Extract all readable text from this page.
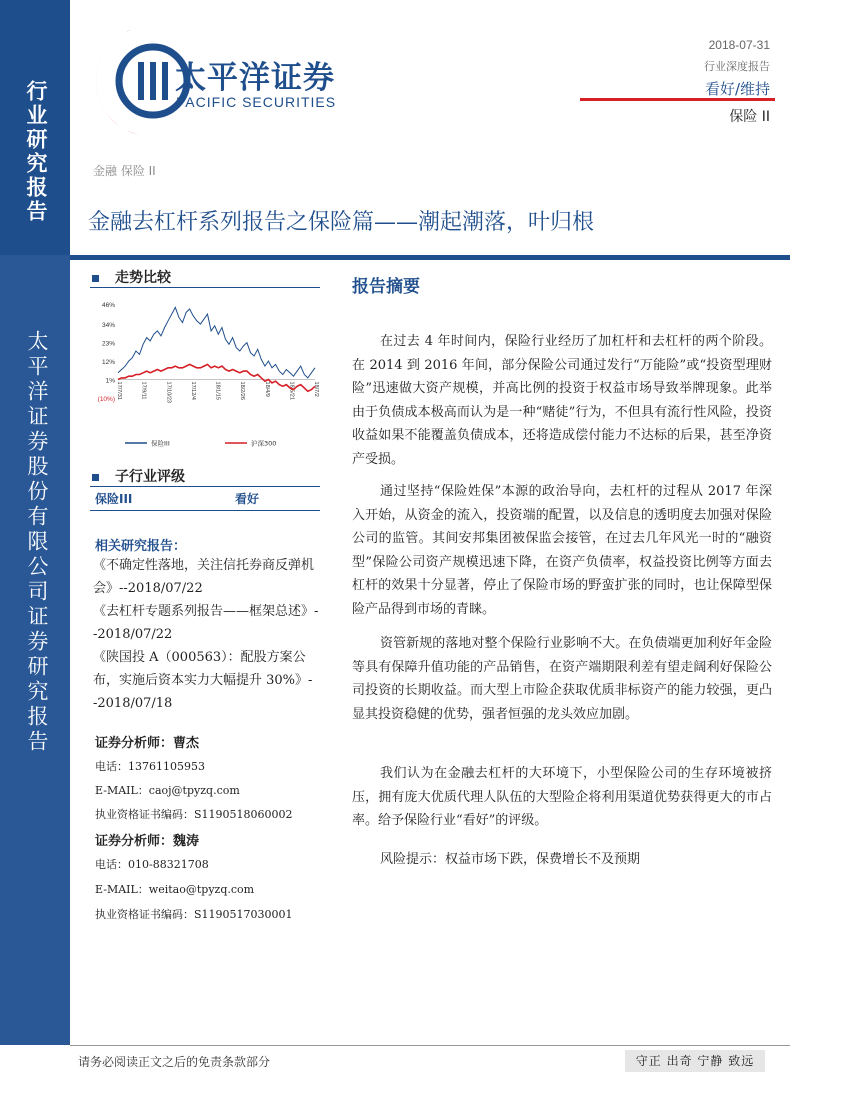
行业研究报告
太平洋证券股份有限公司证券研究报告
太平洋证券
PACIFIC SECURITIES
2018-07-31
行业深度报告
看好/维持
保险 II
金融 保险 II
金融去杠杆系列报告之保险篇——潮起潮落，叶归根
走势比较
46%
34%
23%
12%
1%
(10%) 17/7/31	17/9/11	17/10/23	17/12/4	18/1/15	18/2/26	18/4/9	18/5/21	18/7/2
保险III	沪深300
子行业评级
保险III	看好
相关研究报告：
《不确定性落地，关注信托券商反弹机会》--2018/07/22
《去杠杆专题系列报告——框架总述》--2018/07/22
《陕国投 A（000563）：配股方案公布，实施后资本实力大幅提升 30%》--2018/07/18
证券分析师：曹杰
电话：13761105953
E-MAIL：caoj@tpyzq.com
执业资格证书编码：S1190518060002
证券分析师：魏涛
电话：010-88321708
E-MAIL：weitao@tpyzq.com
执业资格证书编码：S1190517030001
报告摘要
在过去 4 年时间内，保险行业经历了加杠杆和去杠杆的两个阶段。在 2014 到 2016 年间，部分保险公司通过发行“万能险”或“投资型理财险”迅速做大资产规模，并高比例的投资于权益市场导致举牌现象。此举由于负债成本极高而认为是一种“赌徒”行为，不但具有流行性风险，投资收益如果不能覆盖负债成本，还将造成偿付能力不达标的后果，甚至净资产受损。
通过坚持“保险姓保”本源的政治导向，去杠杆的过程从 2017 年深入开始，从资金的流入，投资端的配置，以及信息的透明度去加强对保险公司的监管。其间安邦集团被保监会接管，在过去几年风光一时的“融资型”保险公司资产规模迅速下降，在资产负债率，权益投资比例等方面去杠杆的效果十分显著，停止了保险市场的野蛮扩张的同时，也让保障型保险产品得到市场的青睐。
资管新规的落地对整个保险行业影响不大。在负债端更加利好年金险等具有保障升值功能的产品销售，在资产端期限利差有望走阔利好保险公司投资的长期收益。而大型上市险企获取优质非标资产的能力较强，更凸显其投资稳健的优势，强者恒强的龙头效应加剧。
我们认为在金融去杠杆的大环境下，小型保险公司的生存环境被挤压，拥有庞大优质代理人队伍的大型险企将利用渠道优势获得更大的市占率。给予保险行业“看好”的评级。
风险提示：权益市场下跌，保费增长不及预期
请务必阅读正文之后的免责条款部分	守正 出奇 宁静 致远
